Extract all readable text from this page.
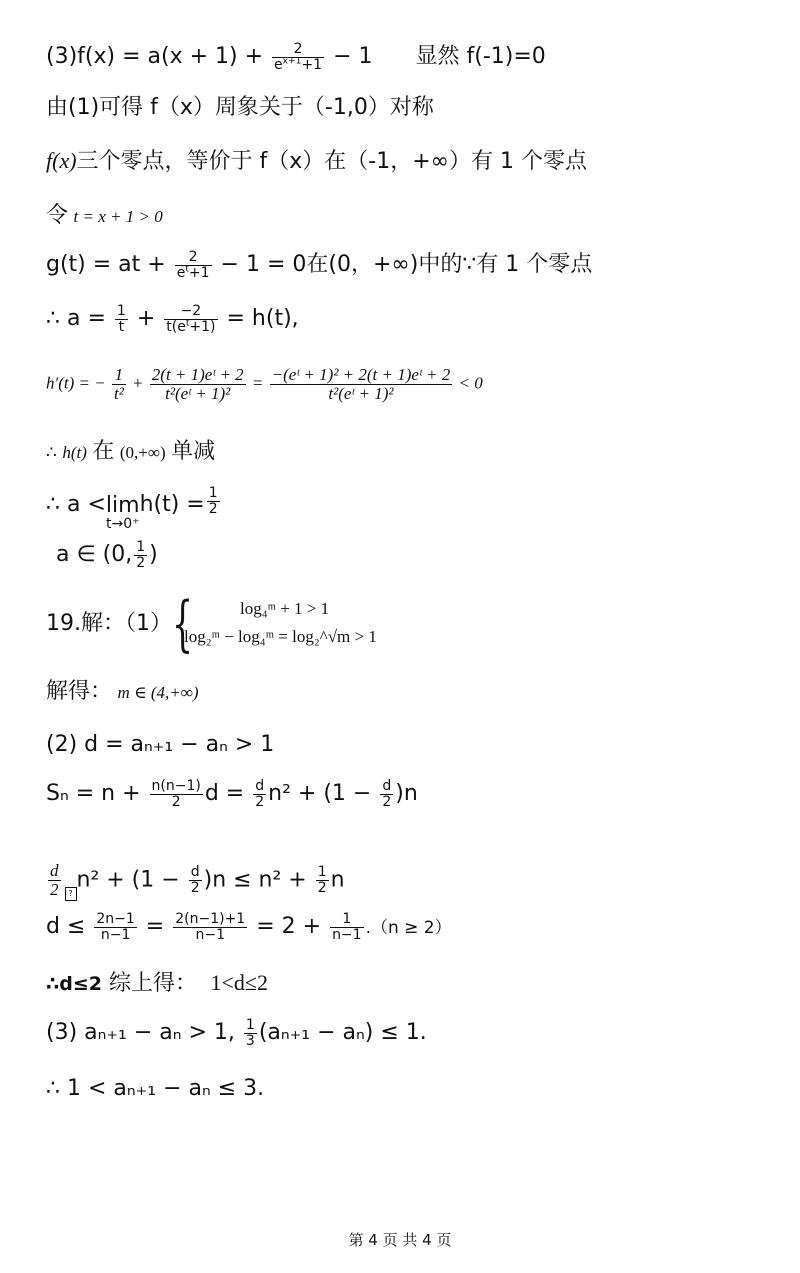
$(3)f(x) = a(x + 1) + \frac{2}{e^{x+1}+1} - 1$ 显然 f(-1)=0
由(1)可得 f（x）周象关于（-1,0）对称
f(x)三个零点，等价于 f（x）在（-1，+∞）有 1 个零点
令 t = x + 1 > 0
g(t) = at + $\frac{2}{e^t+1} - 1 = 0$在(0，+∞)中的∵有 1 个零点
∴ $a = \frac{1}{t} + \frac{-2}{t(e^t+1)} = h(t)$,
h′(t) = − $\frac{1}{\text{t²}} + \frac{\text{2(t + 1)eᵗ + 2}}{\text{t²(eᵗ + 1)²}} = \frac{\text{−(eᵗ + 1)² + 2(t + 1)eᵗ + 2}}{\text{t²(eᵗ + 1)²}} < 0$
∴ h(t) 在 (0,+∞) 单减
∴ a <lim
t→0⁺
$h(t) = \frac{1}{2}$
a ∈ (0, $\frac{1}{2}$ )
19.解：（1） {	log₄ᵐ + 1 > 1
log₂ᵐ − log₄ᵐ = log₂^√m > 1
解得： m ∈ (4,+∞)
(2) d = aₙ₊₁ − aₙ > 1
$S_n = n + \frac{n(n-1)}{2}$ $d = \frac{d}{2} n^2 + (1 - \frac{d}{2} )n$
$\frac{d}{2}$ ?n² + $(1 - \frac{d}{2} )n \le n^2 + \frac{1}{2}$ n
$d \le \frac{2n-1}{n-1} = \frac{2(n-1)+1}{n-1} = 2 + \frac{1}{n-1} .(n \ge 2)$
∴d≤2 综上得： 1<d≤2
(3) aₙ₊₁ − aₙ > 1, $\frac{1}{3} (a_{n+1} - a_n) \le 1$.
∴ 1 < aₙ₊₁ − aₙ ≤ 3.
第 4 页 共 4 页
